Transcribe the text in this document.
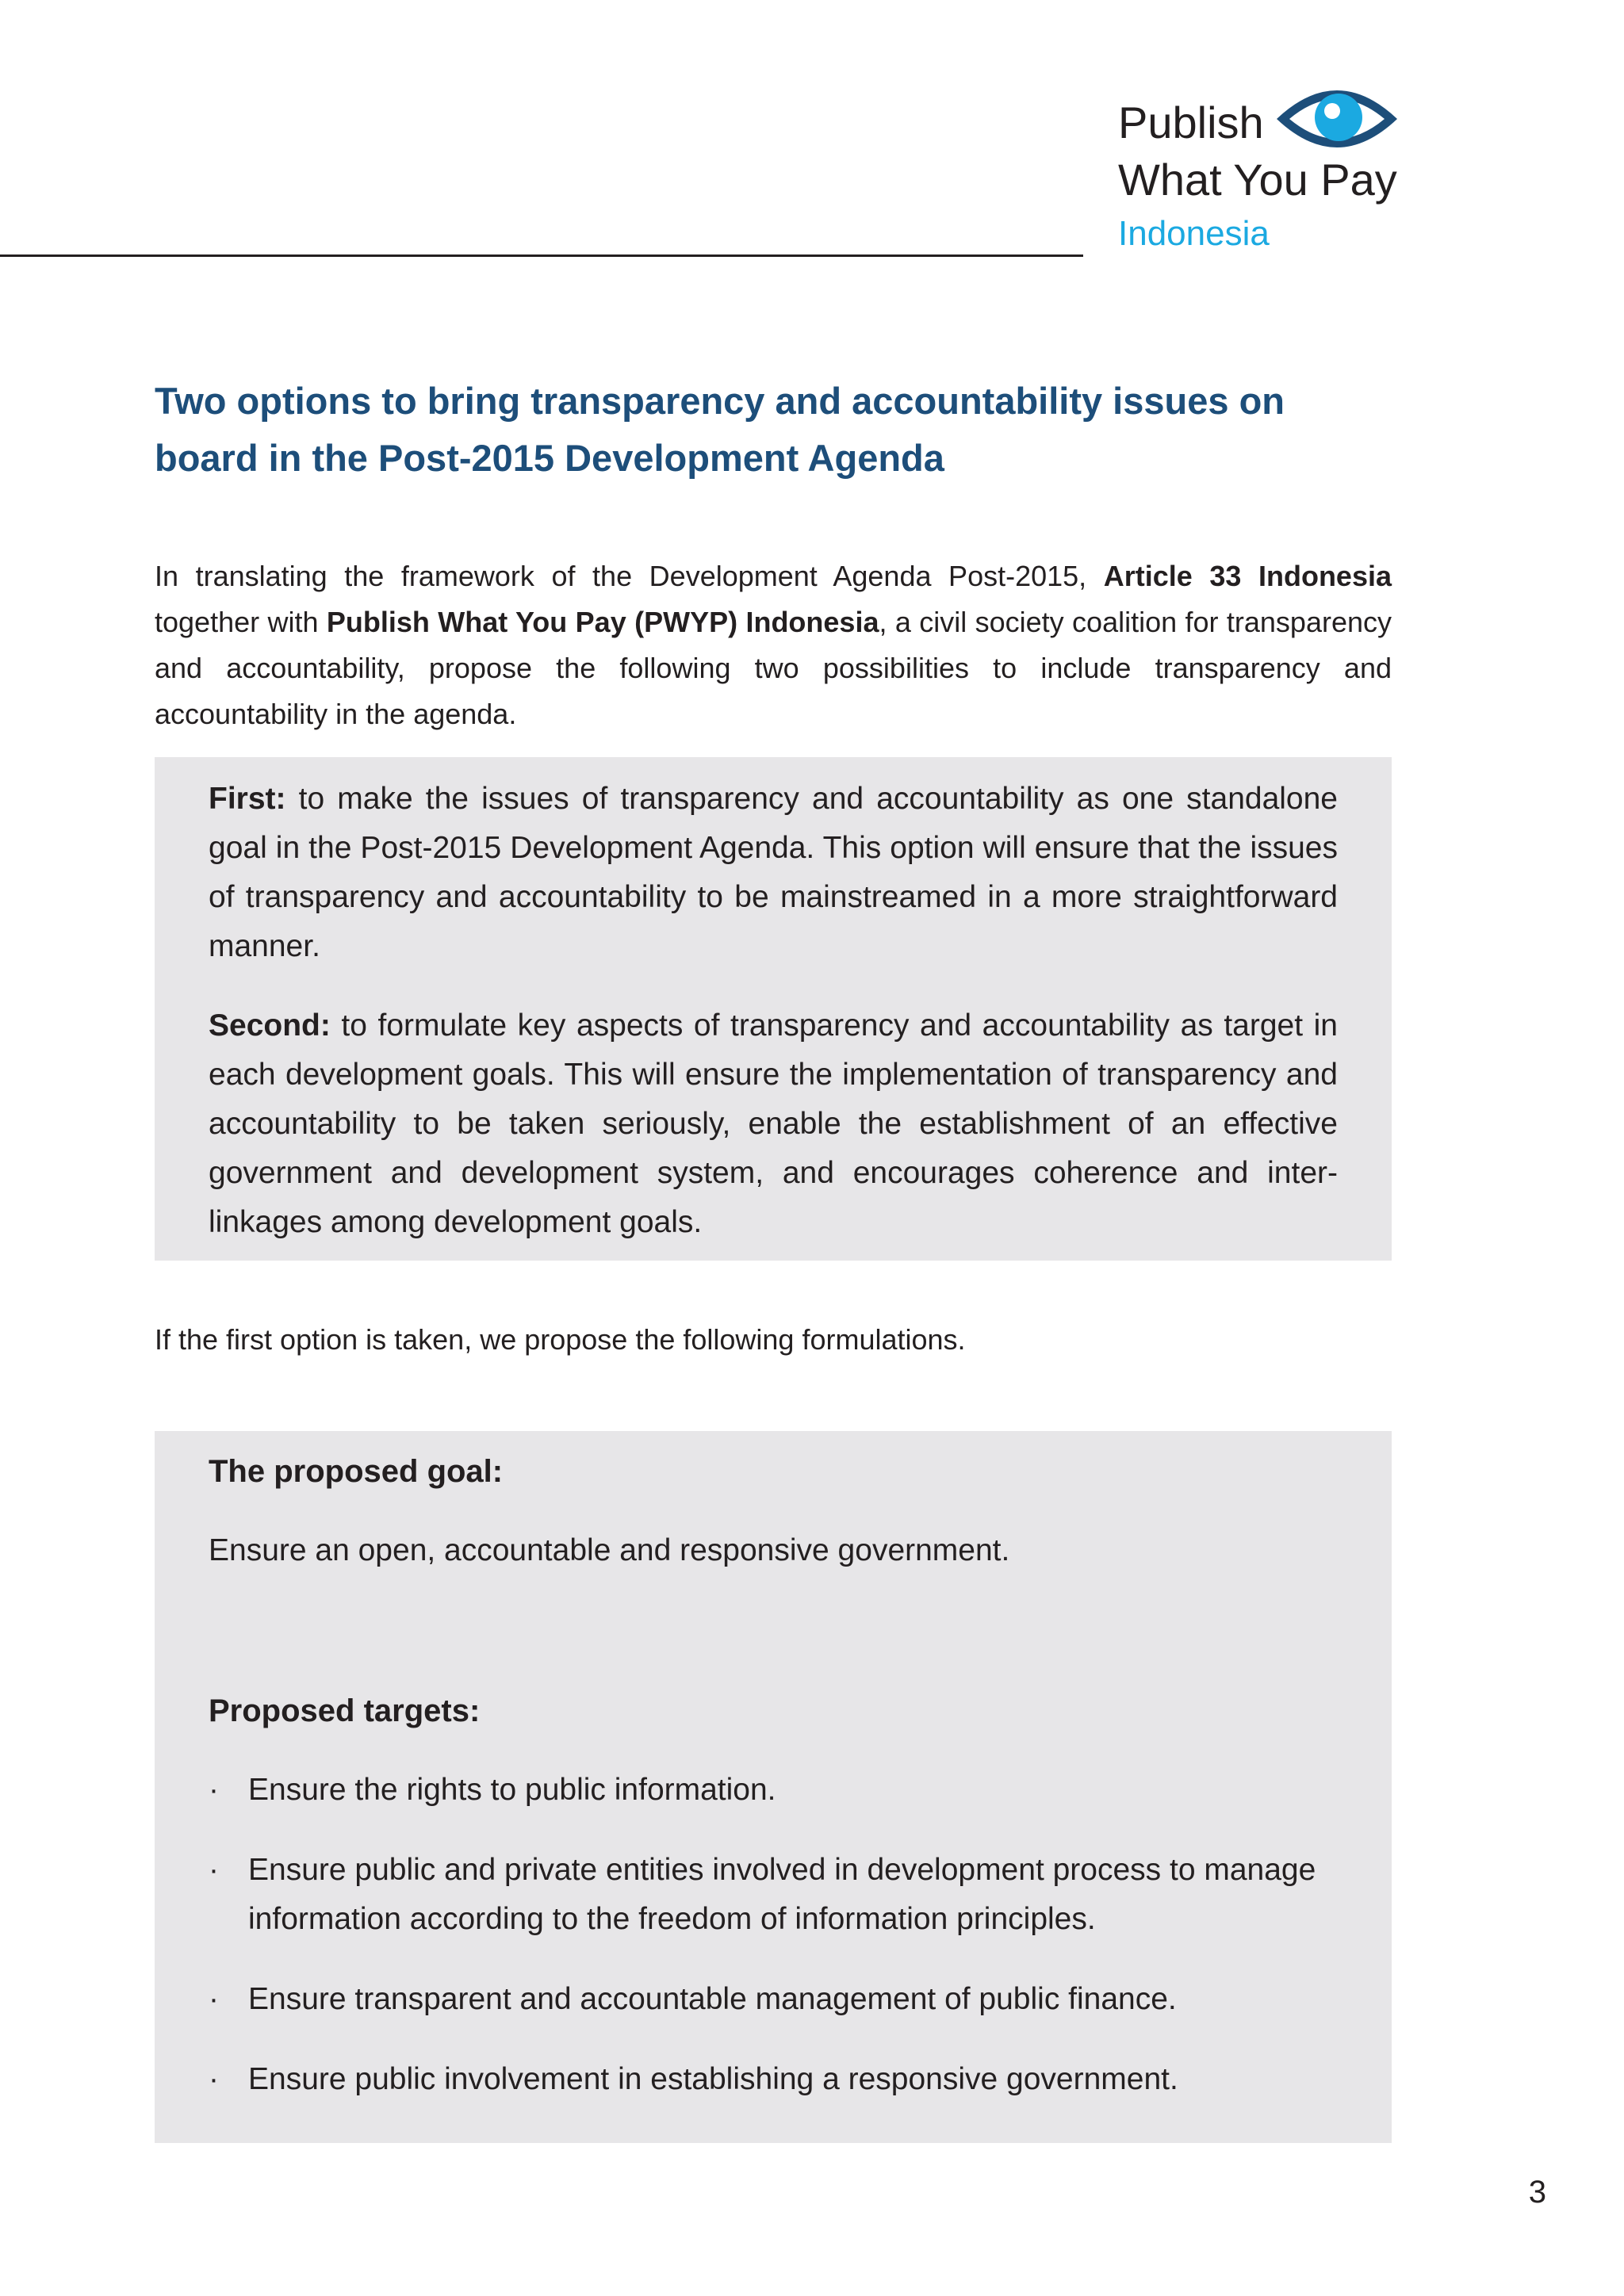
Publish
What You Pay
Indonesia
Two options to bring transparency and accountability issues on board in the Post-2015 Development Agenda

In translating the framework of the Development Agenda Post-2015, Article 33 Indonesia together with Publish What You Pay (PWYP) Indonesia, a civil society coalition for transparency and accountability, propose the following two possibilities to include transparency and accountability in the agenda.

First: to make the issues of transparency and accountability as one standalone goal in the Post-2015 Development Agenda. This option will ensure that the issues of transparency and accountability to be mainstreamed in a more straightforward manner.

Second: to formulate key aspects of transparency and accountability as target in each development goals. This will ensure the implementation of transparency and accountability to be taken seriously, enable the establishment of an effective government and development system, and encourages coherence and inter-linkages among development goals.

If the first option is taken, we propose the following formulations.

The proposed goal:

Ensure an open, accountable and responsive government.

Proposed targets:

· Ensure the rights to public information.
· Ensure public and private entities involved in development process to manage information according to the freedom of information principles.
· Ensure transparent and accountable management of public finance.
· Ensure public involvement in establishing a responsive government.
3
